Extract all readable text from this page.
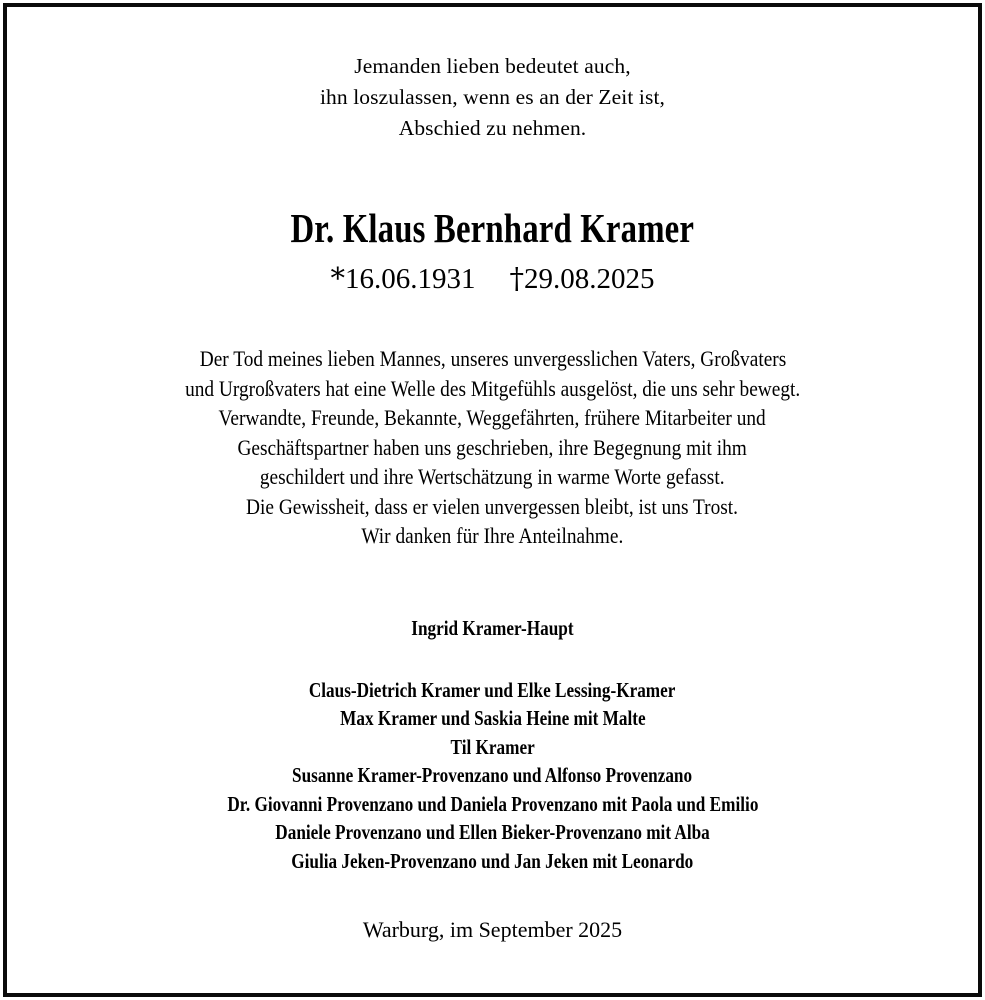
Jemanden lieben bedeutet auch,
ihn loszulassen, wenn es an der Zeit ist,
Abschied zu nehmen.
Dr. Klaus Bernhard Kramer
*16.06.1931 †29.08.2025
Der Tod meines lieben Mannes, unseres unvergesslichen Vaters, Großvaters
und Urgroßvaters hat eine Welle des Mitgefühls ausgelöst, die uns sehr bewegt.
Verwandte, Freunde, Bekannte, Weggefährten, frühere Mitarbeiter und
Geschäftspartner haben uns geschrieben, ihre Begegnung mit ihm
geschildert und ihre Wertschätzung in warme Worte gefasst.
Die Gewissheit, dass er vielen unvergessen bleibt, ist uns Trost.
Wir danken für Ihre Anteilnahme.
Ingrid Kramer-Haupt
Claus-Dietrich Kramer und Elke Lessing-Kramer
Max Kramer und Saskia Heine mit Malte
Til Kramer
Susanne Kramer-Provenzano und Alfonso Provenzano
Dr. Giovanni Provenzano und Daniela Provenzano mit Paola und Emilio
Daniele Provenzano und Ellen Bieker-Provenzano mit Alba
Giulia Jeken-Provenzano und Jan Jeken mit Leonardo
Warburg, im September 2025
